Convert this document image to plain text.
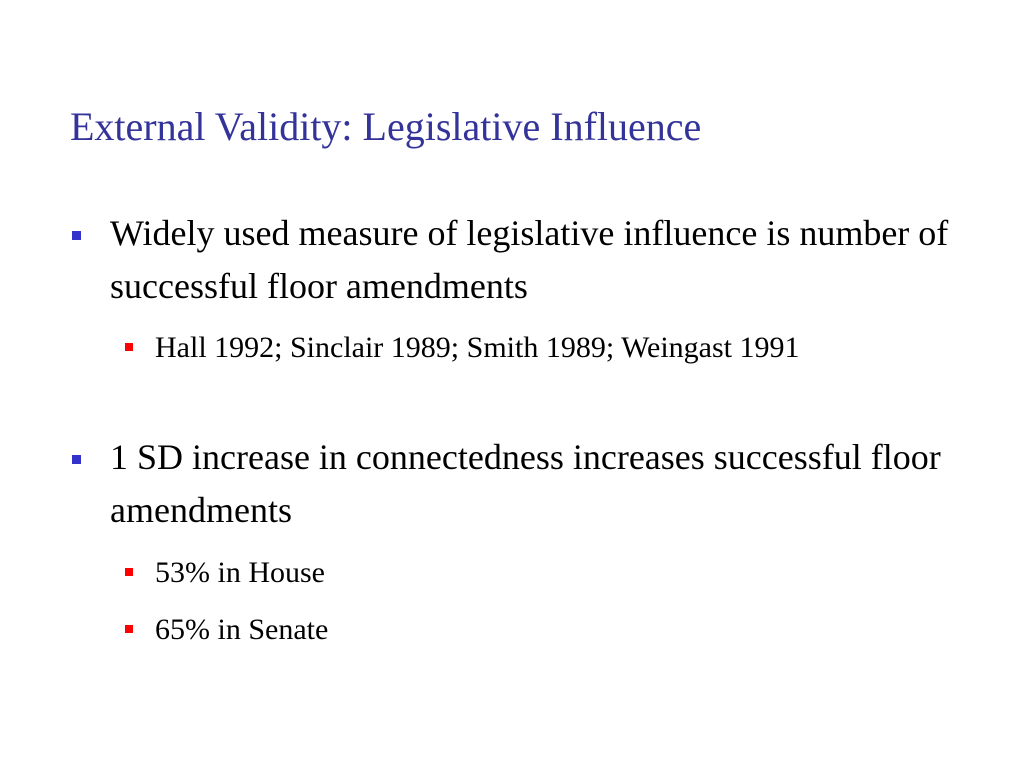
External Validity: Legislative Influence
Widely used measure of legislative influence is number of successful floor amendments
Hall 1992; Sinclair 1989; Smith 1989; Weingast 1991
1 SD increase in connectedness increases successful floor amendments
53% in House
65% in Senate
